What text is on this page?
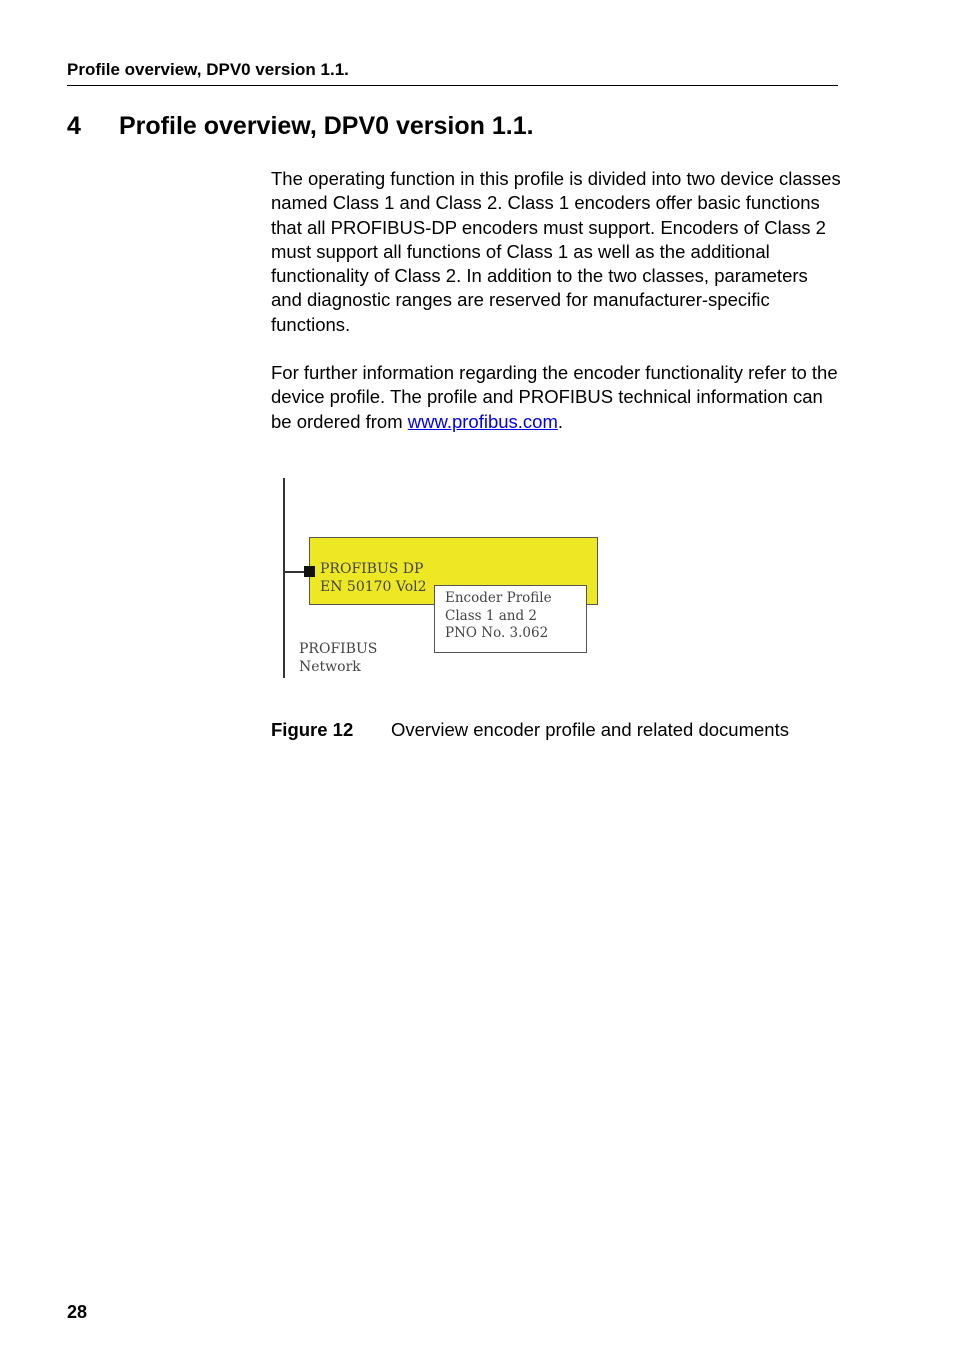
Profile overview, DPV0 version 1.1.
4 Profile overview, DPV0 version 1.1.

The operating function in this profile is divided into two device classes named Class 1 and Class 2. Class 1 encoders offer basic functions that all PROFIBUS-DP encoders must support. Encoders of Class 2 must support all functions of Class 1 as well as the additional functionality of Class 2. In addition to the two classes, parameters and diagnostic ranges are reserved for manufacturer-specific functions.

For further information regarding the encoder functionality refer to the device profile. The profile and PROFIBUS technical information can be ordered from www.profibus.com.

PROFIBUS DP
EN 50170 Vol2
Encoder Profile
Class 1 and 2
PNO No. 3.062
PROFIBUS
Network
Figure 12 Overview encoder profile and related documents
28
